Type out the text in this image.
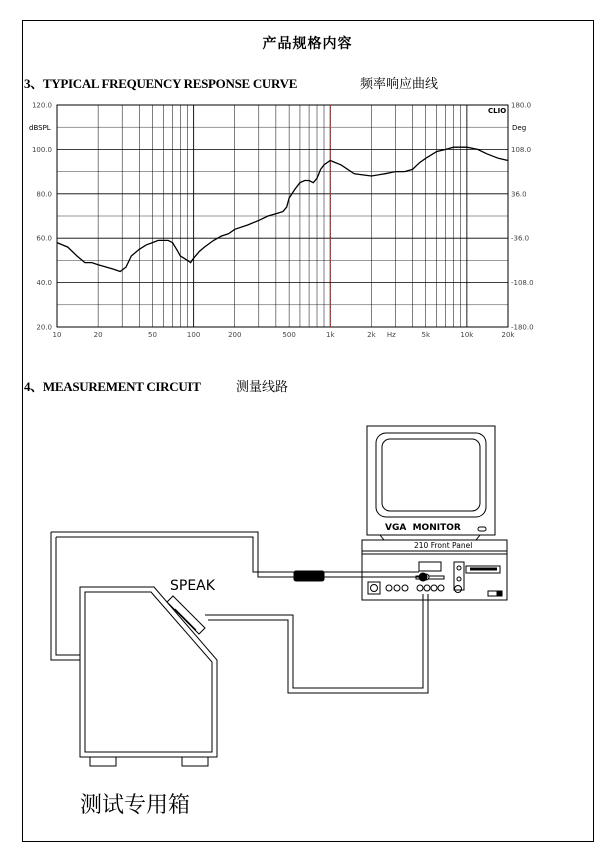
产品规格内容
3、TYPICAL FREQUENCY RESPONSE CURVE	频率响应曲线
120.0
100.0
80.0
60.0
40.0
20.0
180.0
108.0
36.0
-36.0
-108.0
-180.0
10	20	50	100	200	500	1k	2k Hz	5k	10k	20k
CLIO
dBSPL	Deg
4、MEASUREMENT CIRCUIT	测量线路
VGA  MONITOR
210 Front Panel
SPEAK
测试专用箱
